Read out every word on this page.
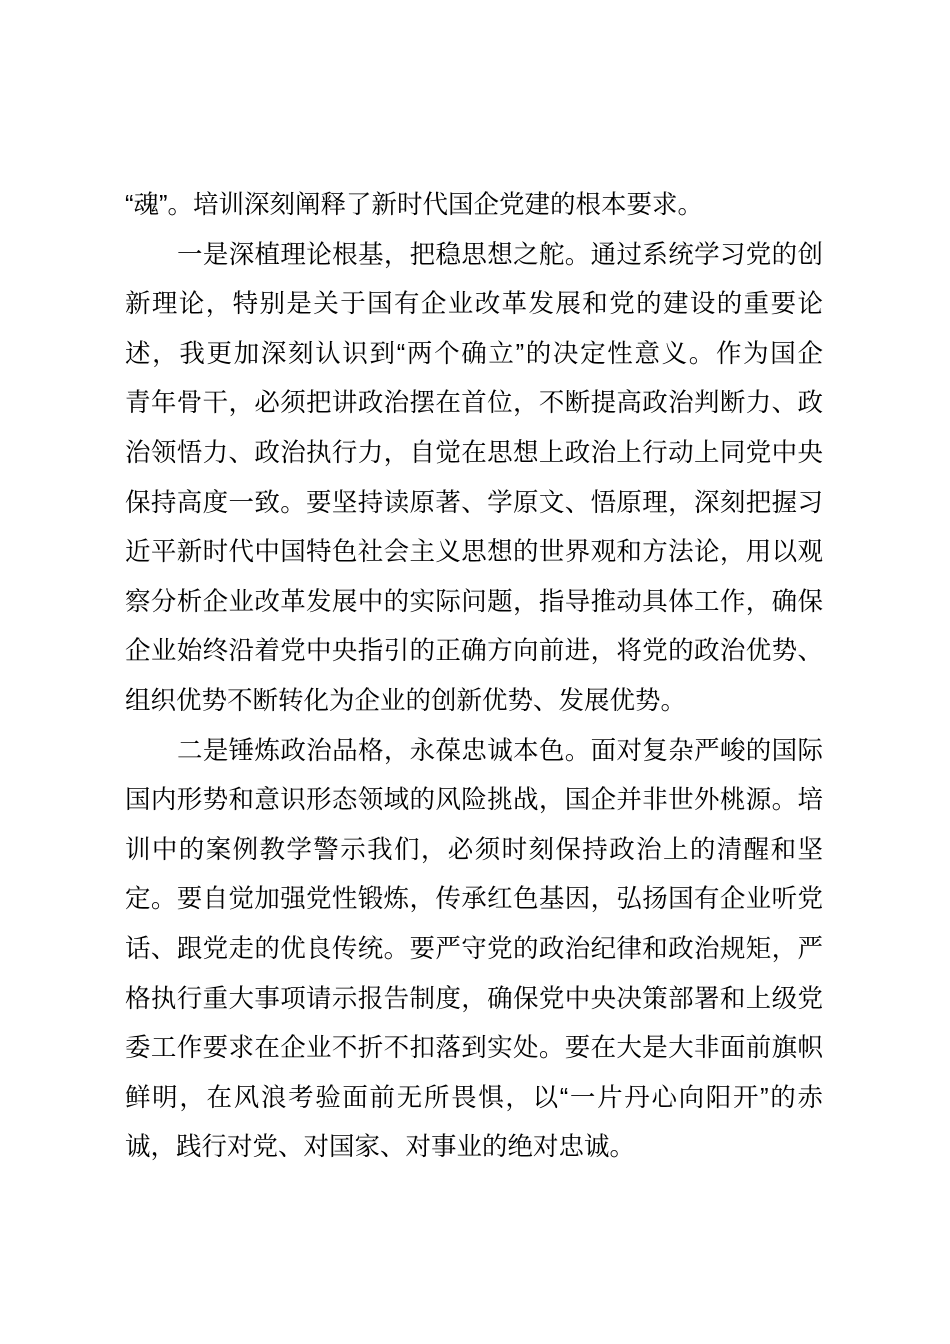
“魂”。培训深刻阐释了新时代国企党建的根本要求。
一是深植理论根基，把稳思想之舵。通过系统学习党的创
新理论，特别是关于国有企业改革发展和党的建设的重要论
述，我更加深刻认识到“两个确立”的决定性意义。作为国企
青年骨干，必须把讲政治摆在首位，不断提高政治判断力、政
治领悟力、政治执行力，自觉在思想上政治上行动上同党中央
保持高度一致。要坚持读原著、学原文、悟原理，深刻把握习
近平新时代中国特色社会主义思想的世界观和方法论，用以观
察分析企业改革发展中的实际问题，指导推动具体工作，确保
企业始终沿着党中央指引的正确方向前进，将党的政治优势、
组织优势不断转化为企业的创新优势、发展优势。
二是锤炼政治品格，永葆忠诚本色。面对复杂严峻的国际
国内形势和意识形态领域的风险挑战，国企并非世外桃源。培
训中的案例教学警示我们，必须时刻保持政治上的清醒和坚
定。要自觉加强党性锻炼，传承红色基因，弘扬国有企业听党
话、跟党走的优良传统。要严守党的政治纪律和政治规矩，严
格执行重大事项请示报告制度，确保党中央决策部署和上级党
委工作要求在企业不折不扣落到实处。要在大是大非面前旗帜
鲜明，在风浪考验面前无所畏惧，以“一片丹心向阳开”的赤
诚，践行对党、对国家、对事业的绝对忠诚。
